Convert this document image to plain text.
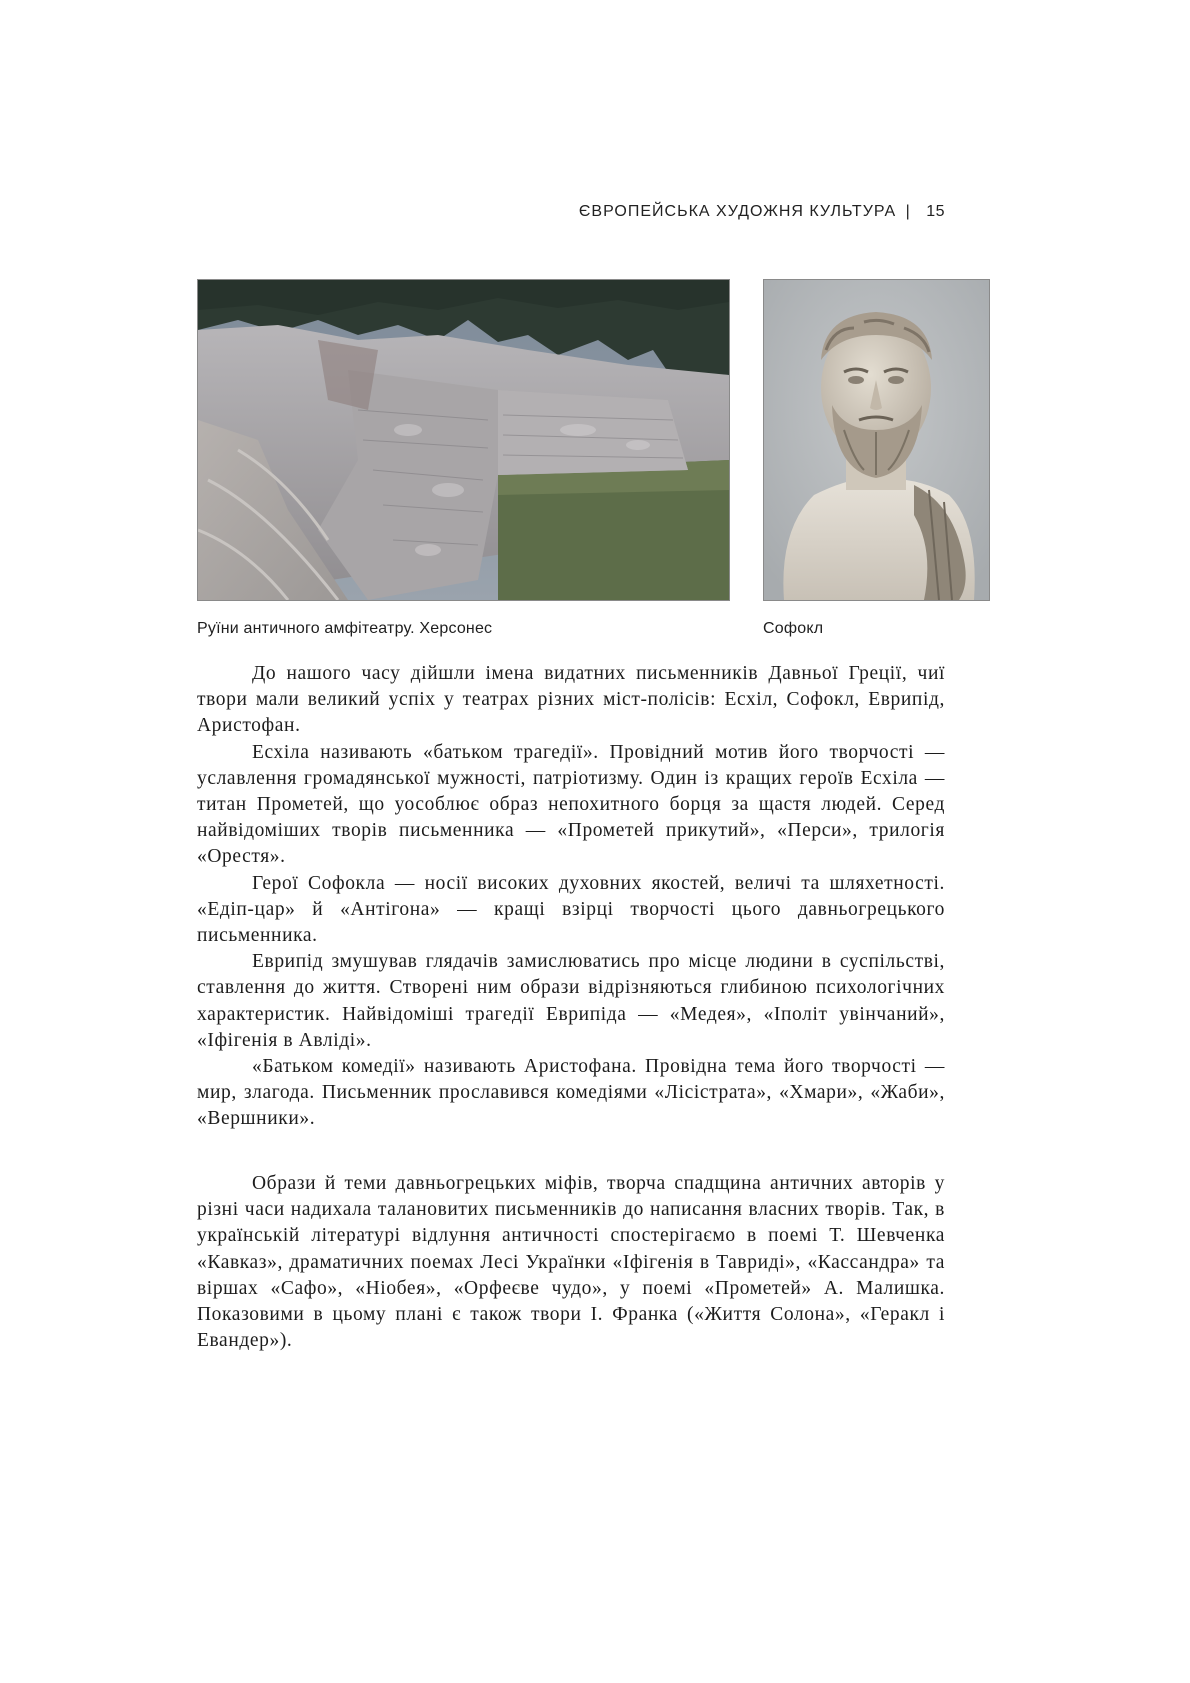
ЄВРОПЕЙСЬКА ХУДОЖНЯ КУЛЬТУРА | 15
Руїни античного амфітеатру. Херсонес	Софокл

До нашого часу дійшли імена видатних письменників Давньої Греції, чиї твори мали великий успіх у театрах різних міст-полісів: Есхіл, Софокл, Еврипід, Аристофан.

Есхіла називають «батьком трагедії». Провідний мотив його творчості — уславлення громадянської мужності, патріотизму. Один із кращих героїв Есхіла — титан Прометей, що уособлює образ непохитного борця за щастя людей. Серед найвідоміших творів письменника — «Прометей прикутий», «Перси», трилогія «Орестя».

Герої Софокла — носії високих духовних якостей, величі та шляхетності. «Едіп-цар» й «Антігона» — кращі взірці творчості цього давньогрецького письменника.

Еврипід змушував глядачів замислюватись про місце людини в суспільстві, ставлення до життя. Створені ним образи відрізняються глибиною психологічних характеристик. Найвідоміші трагедії Еврипіда — «Медея», «Іполіт увінчаний», «Іфігенія в Авліді».

«Батьком комедії» називають Аристофана. Провідна тема його творчості — мир, злагода. Письменник прославився комедіями «Лісістрата», «Хмари», «Жаби», «Вершники».

Образи й теми давньогрецьких міфів, творча спадщина античних авторів у різні часи надихала талановитих письменників до написання власних творів. Так, в українській літературі відлуння античності спостерігаємо в поемі Т. Шевченка «Кавказ», драматичних поемах Лесі Українки «Іфігенія в Тавриді», «Кассандра» та віршах «Сафо», «Ніобея», «Орфеєве чудо», у поемі «Прометей» А. Малишка. Показовими в цьому плані є також твори І. Франка («Життя Солона», «Геракл і Евандер»).
